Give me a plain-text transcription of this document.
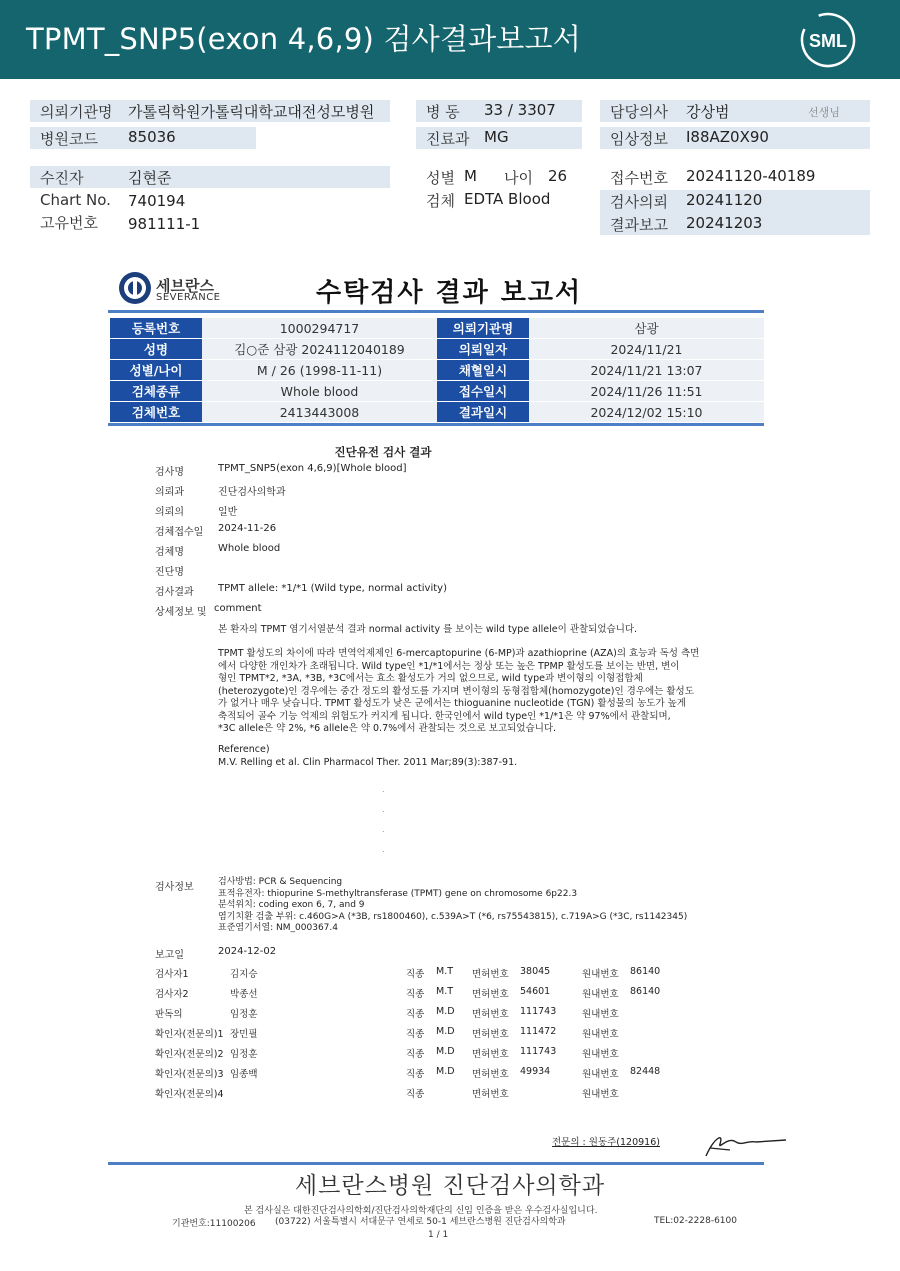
TPMT_SNP5(exon 4,6,9) 검사결과보고서	SML
의뢰기관명 가톨릭학원가톨릭대학교대전성모병원
병원코드 85036
병 동 33 / 3307
진료과 MG
담당의사 강상범	선생님
임상정보 I88AZ0X90
수진자	김현준
Chart No. 740194
고유번호 981111-1
성별 M 나이 26
검체 EDTA Blood
접수번호 20241120-40189
검사의뢰 20241120
결과보고 20241203
세브란스
SEVERANCE	수탁검사 결과 보고서
등록번호	1000294717	의뢰기관명	삼광
성명	김○준 삼광 2024112040189	의뢰일자	2024/11/21
성별/나이	M / 26 (1998-11-11)	채혈일시	2024/11/21 13:07
검체종류	Whole blood	접수일시	2024/11/26 11:51
검체번호	2413443008	결과일시	2024/12/02 15:10
진단유전 검사 결과
검사명	TPMT_SNP5(exon 4,6,9)[Whole blood]
의뢰과	진단검사의학과
의뢰의	일반
검체접수일 2024-11-26
검체명	Whole blood
진단명
검사결과 TPMT allele: *1/*1 (Wild type, normal activity)
상세정보 및 comment
본 환자의 TPMT 염기서열분석 결과 normal activity 를 보이는 wild type allele이 관찰되었습니다.
TPMT 활성도의 차이에 따라 면역억제제인 6-mercaptopurine (6-MP)과 azathioprine (AZA)의 효능과 독성 측면
에서 다양한 개인차가 초래됩니다. Wild type인 *1/*1에서는 정상 또는 높은 TPMP 활성도를 보이는 반면, 변이
형인 TPMT*2, *3A, *3B, *3C에서는 효소 활성도가 거의 없으므로, wild type과 변이형의 이형접합체
(heterozygote)인 경우에는 중간 정도의 활성도를 가지며 변이형의 동형접합체(homozygote)인 경우에는 활성도
가 없거나 매우 낮습니다. TPMT 활성도가 낮은 군에서는 thioguanine nucleotide (TGN) 활성물의 농도가 높게
축적되어 골수 기능 억제의 위험도가 커지게 됩니다. 한국인에서 wild type인 *1/*1은 약 97%에서 관찰되며,
*3C allele은 약 2%, *6 allele은 약 0.7%에서 관찰되는 것으로 보고되었습니다.
Reference)
M.V. Relling et al. Clin Pharmacol Ther. 2011 Mar;89(3):387-91.
.
.
.
.
검사정보	검사방법: PCR & Sequencing
표적유전자: thiopurine S-methyltransferase (TPMT) gene on chromosome 6p22.3
분석위치: coding exon 6, 7, and 9
염기치환 검출 부위: c.460G>A (*3B, rs1800460), c.539A>T (*6, rs75543815), c.719A>G (*3C, rs1142345)
표준염기서열: NM_000367.4
보고일	2024-12-02
검사자1	김지승	직종 M.T 면허번호 38045	원내번호 86140
검사자2	박종선	직종 M.T 면허번호 54601	원내번호 86140
판독의	임정훈	직종 M.D 면허번호 111743	원내번호
확인자(전문의)1 장민필	직종 M.D 면허번호 111472	원내번호
확인자(전문의)2 임정훈	직종 M.D 면허번호 111743	원내번호
확인자(전문의)3 임종백	직종 M.D 면허번호 49934	원내번호 82448
확인자(전문의)4	직종	면허번호	원내번호
전문의 : 원동주(120916)
세브란스병원 진단검사의학과
본 검사실은 대한진단검사의학회/진단검사의학재단의 신임 인증을 받은 우수검사실입니다.
기관번호:11100206 (03722) 서울특별시 서대문구 연세로 50-1 세브란스병원 진단검사의학과	TEL:02-2228-6100
1 / 1
